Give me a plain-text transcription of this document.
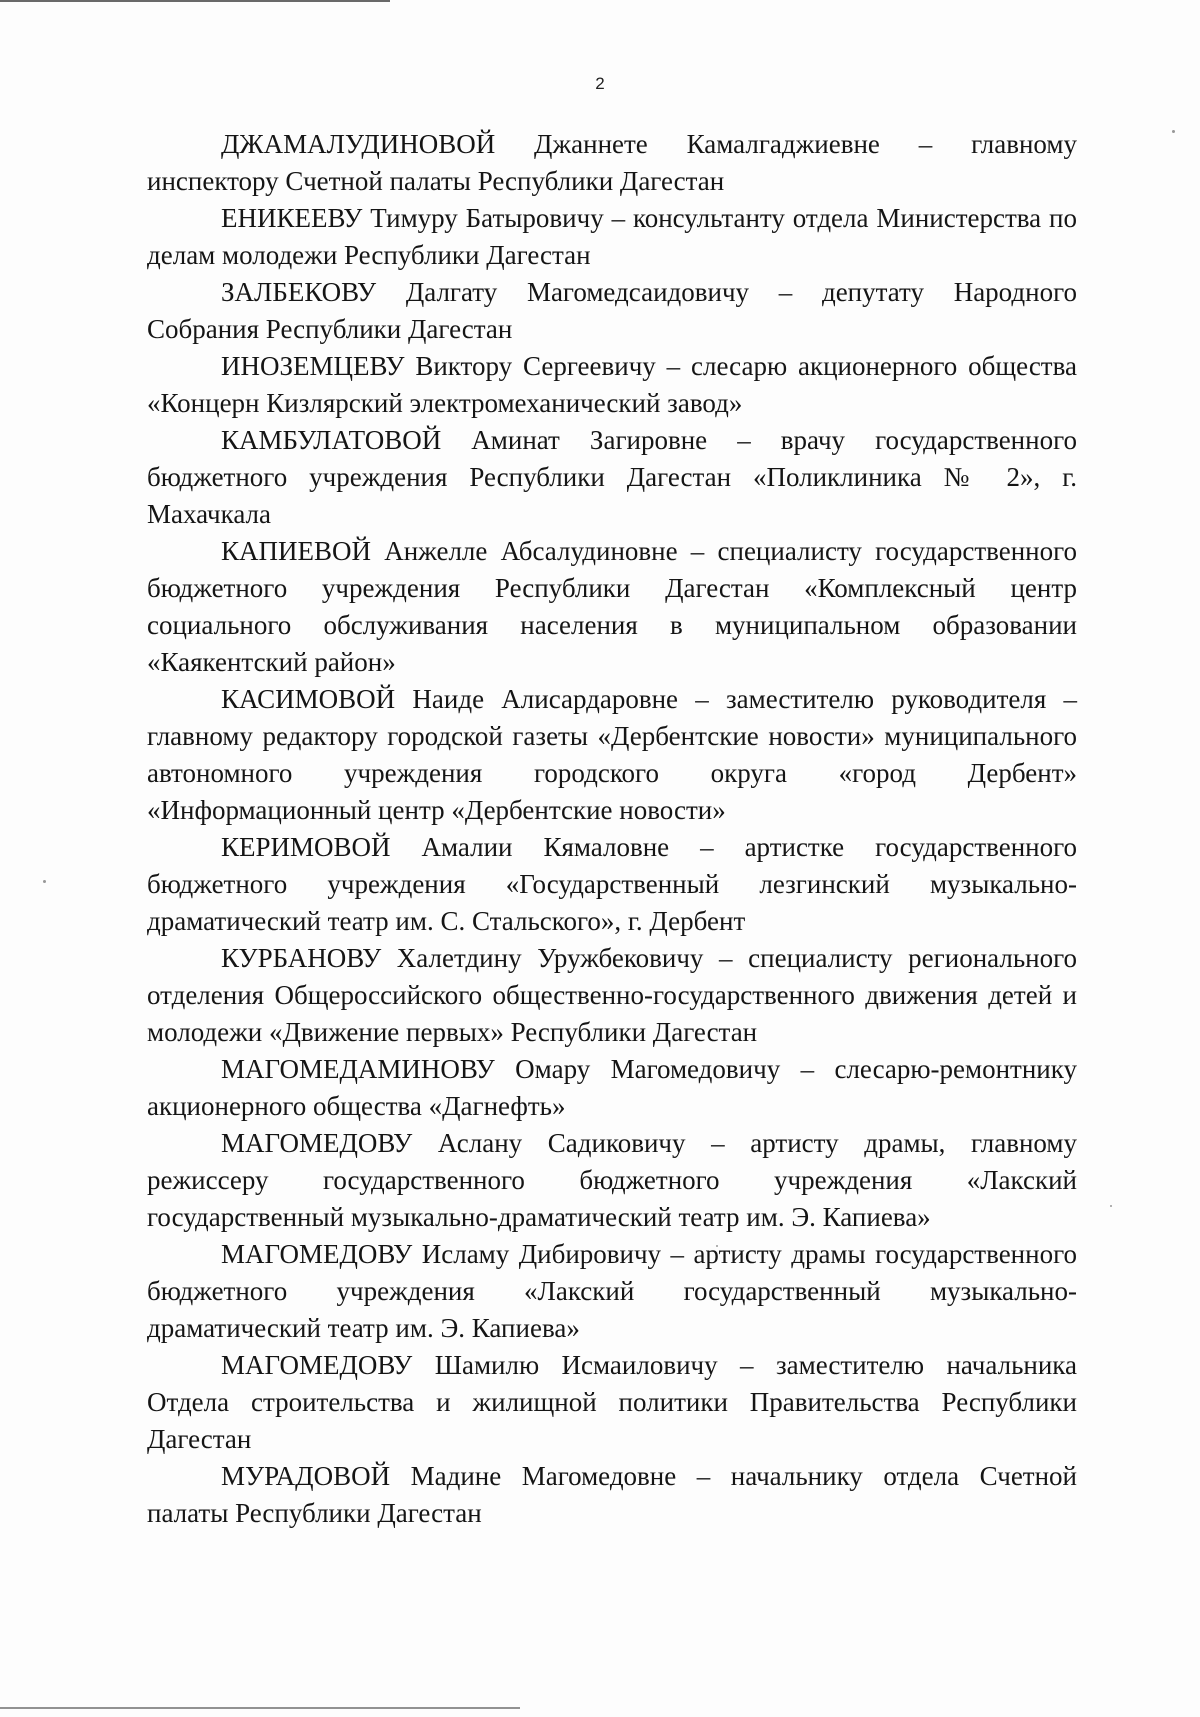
2

ДЖАМАЛУДИНОВОЙ Джаннете Камалгаджиевне – главному инспектору Счетной палаты Республики Дагестан

ЕНИКЕЕВУ Тимуру Батыровичу – консультанту отдела Министерства по делам молодежи Республики Дагестан

ЗАЛБЕКОВУ Далгату Магомедсаидовичу – депутату Народного Собрания Республики Дагестан

ИНОЗЕМЦЕВУ Виктору Сергеевичу – слесарю акционерного общества «Концерн Кизлярский электромеханический завод»

КАМБУЛАТОВОЙ Аминат Загировне – врачу государственного бюджетного учреждения Республики Дагестан «Поликлиника № 2», г. Махачкала

КАПИЕВОЙ Анжелле Абсалудиновне – специалисту государственного бюджетного учреждения Республики Дагестан «Комплексный центр социального обслуживания населения в муниципальном образовании «Каякентский район»

КАСИМОВОЙ Наиде Алисардаровне – заместителю руководителя – главному редактору городской газеты «Дербентские новости» муниципального автономного учреждения городского округа «город Дербент» «Информационный центр «Дербентские новости»

КЕРИМОВОЙ Амалии Кямаловне – артистке государственного бюджетного учреждения «Государственный лезгинский музыкально-драматический театр им. С. Стальского», г. Дербент

КУРБАНОВУ Халетдину Уружбековичу – специалисту регионального отделения Общероссийского общественно-государственного движения детей и молодежи «Движение первых» Республики Дагестан

МАГОМЕДАМИНОВУ Омару Магомедовичу – слесарю-ремонтнику акционерного общества «Дагнефть»

МАГОМЕДОВУ Аслану Садиковичу – артисту драмы, главному режиссеру государственного бюджетного учреждения «Лакский государственный музыкально-драматический театр им. Э. Капиева»

МАГОМЕДОВУ Исламу Дибировичу – артисту драмы государственного бюджетного учреждения «Лакский государственный музыкально-драматический театр им. Э. Капиева»

МАГОМЕДОВУ Шамилю Исмаиловичу – заместителю начальника Отдела строительства и жилищной политики Правительства Республики Дагестан

МУРАДОВОЙ Мадине Магомедовне – начальнику отдела Счетной палаты Республики Дагестан
